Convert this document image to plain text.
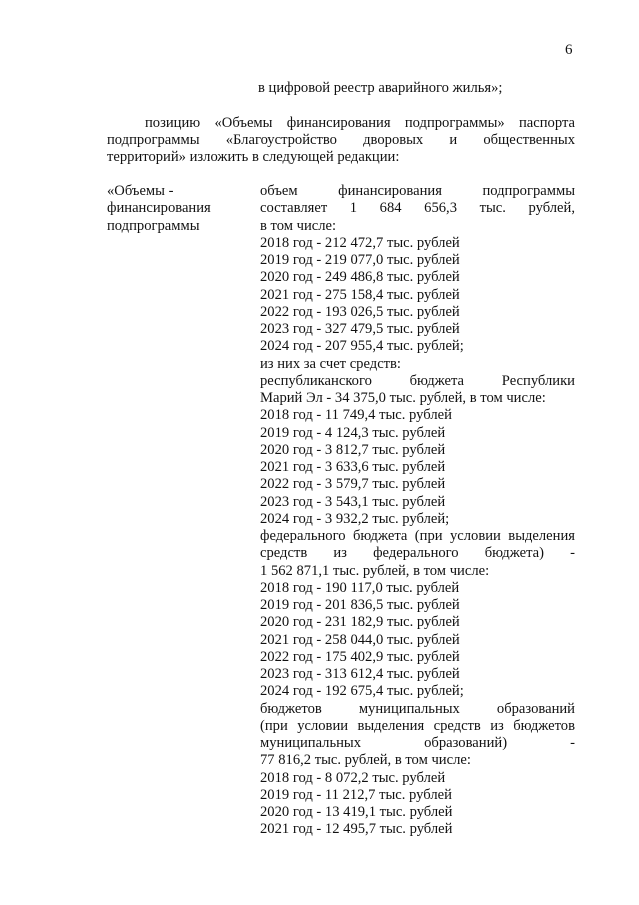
6
в цифровой реестр аварийного жилья»;
позицию «Объемы финансирования подпрограммы» паспорта
подпрограммы «Благоустройство дворовых и общественных
территорий» изложить в следующей редакции:
«Объемы -
финансирования
подпрограммы
объем финансирования подпрограммы
составляет 1 684 656,3 тыс. рублей,
в том числе:
2018 год - 212 472,7 тыс. рублей
2019 год - 219 077,0 тыс. рублей
2020 год - 249 486,8 тыс. рублей
2021 год - 275 158,4 тыс. рублей
2022 год - 193 026,5 тыс. рублей
2023 год - 327 479,5 тыс. рублей
2024 год - 207 955,4 тыс. рублей;
из них за счет средств:
республиканского бюджета Республики
Марий Эл - 34 375,0 тыс. рублей, в том числе:
2018 год - 11 749,4 тыс. рублей
2019 год - 4 124,3 тыс. рублей
2020 год - 3 812,7 тыс. рублей
2021 год - 3 633,6 тыс. рублей
2022 год - 3 579,7 тыс. рублей
2023 год - 3 543,1 тыс. рублей
2024 год - 3 932,2 тыс. рублей;
федерального бюджета (при условии выделения
средств из федерального бюджета) -
1 562 871,1 тыс. рублей, в том числе:
2018 год - 190 117,0 тыс. рублей
2019 год - 201 836,5 тыс. рублей
2020 год - 231 182,9 тыс. рублей
2021 год - 258 044,0 тыс. рублей
2022 год - 175 402,9 тыс. рублей
2023 год - 313 612,4 тыс. рублей
2024 год - 192 675,4 тыс. рублей;
бюджетов муниципальных образований
(при условии выделения средств из бюджетов
муниципальных образований) -
77 816,2 тыс. рублей, в том числе:
2018 год - 8 072,2 тыс. рублей
2019 год - 11 212,7 тыс. рублей
2020 год - 13 419,1 тыс. рублей
2021 год - 12 495,7 тыс. рублей
